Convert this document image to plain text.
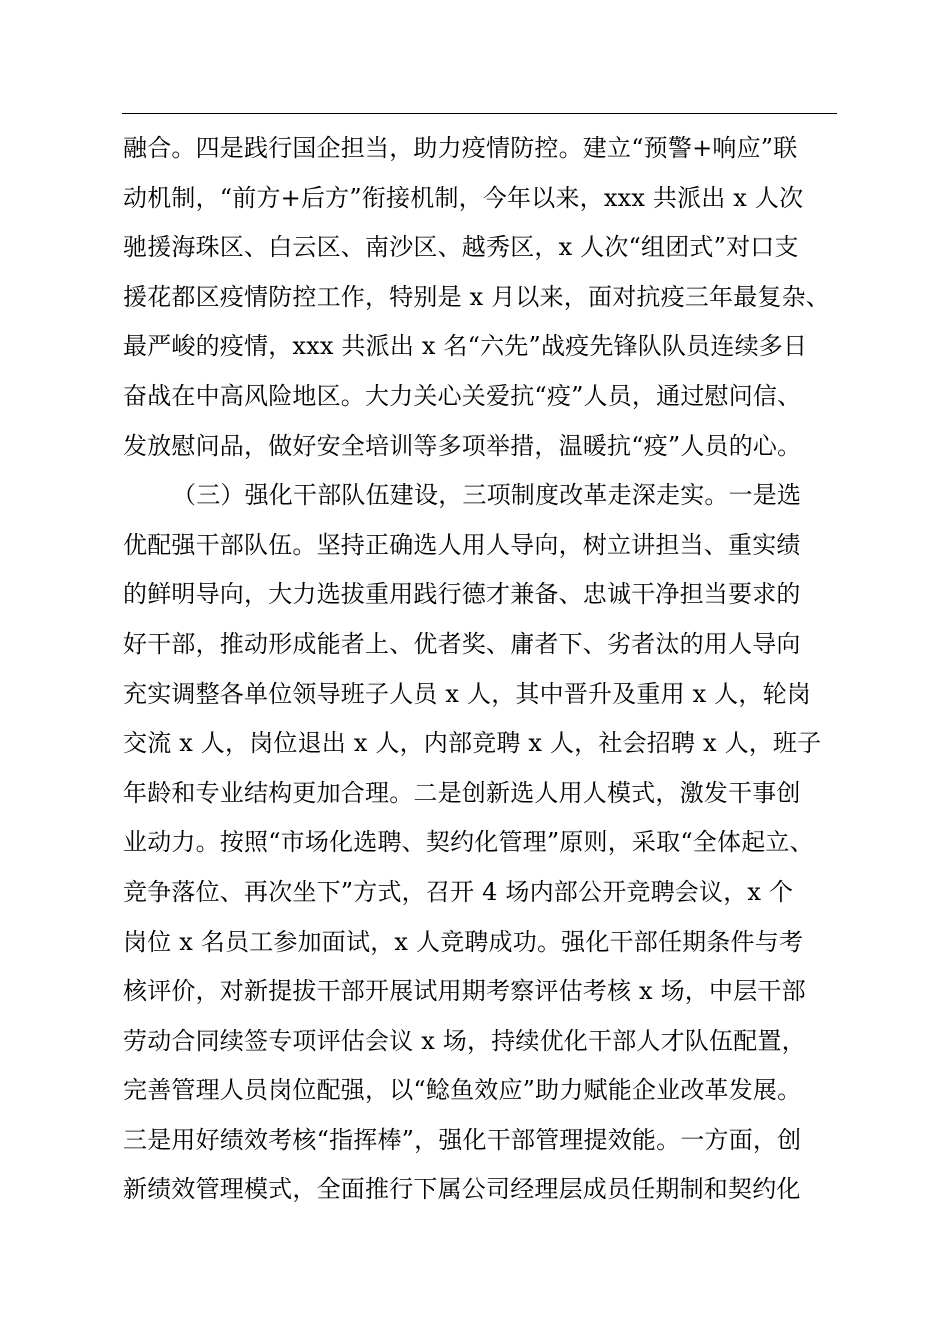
融合。四是践行国企担当，助力疫情防控。建立“预警+响应”联
动机制，“前方+后方”衔接机制，今年以来，xxx 共派出 x 人次
驰援海珠区、白云区、南沙区、越秀区，x 人次“组团式”对口支
援花都区疫情防控工作，特别是 x 月以来，面对抗疫三年最复杂、
最严峻的疫情，xxx 共派出 x 名“六先”战疫先锋队队员连续多日
奋战在中高风险地区。大力关心关爱抗“疫”人员，通过慰问信、
发放慰问品，做好安全培训等多项举措，温暖抗“疫”人员的心。
（三）强化干部队伍建设，三项制度改革走深走实。一是选
优配强干部队伍。坚持正确选人用人导向，树立讲担当、重实绩
的鲜明导向，大力选拔重用践行德才兼备、忠诚干净担当要求的
好干部，推动形成能者上、优者奖、庸者下、劣者汰的用人导向
充实调整各单位领导班子人员 x 人，其中晋升及重用 x 人，轮岗
交流 x 人，岗位退出 x 人，内部竞聘 x 人，社会招聘 x 人，班子
年龄和专业结构更加合理。二是创新选人用人模式，激发干事创
业动力。按照“市场化选聘、契约化管理”原则，采取“全体起立、
竞争落位、再次坐下”方式，召开 4 场内部公开竞聘会议，x 个
岗位 x 名员工参加面试，x 人竞聘成功。强化干部任期条件与考
核评价，对新提拔干部开展试用期考察评估考核 x 场，中层干部
劳动合同续签专项评估会议 x 场，持续优化干部人才队伍配置，
完善管理人员岗位配强，以“鲶鱼效应”助力赋能企业改革发展。
三是用好绩效考核“指挥棒”，强化干部管理提效能。一方面，创
新绩效管理模式，全面推行下属公司经理层成员任期制和契约化
